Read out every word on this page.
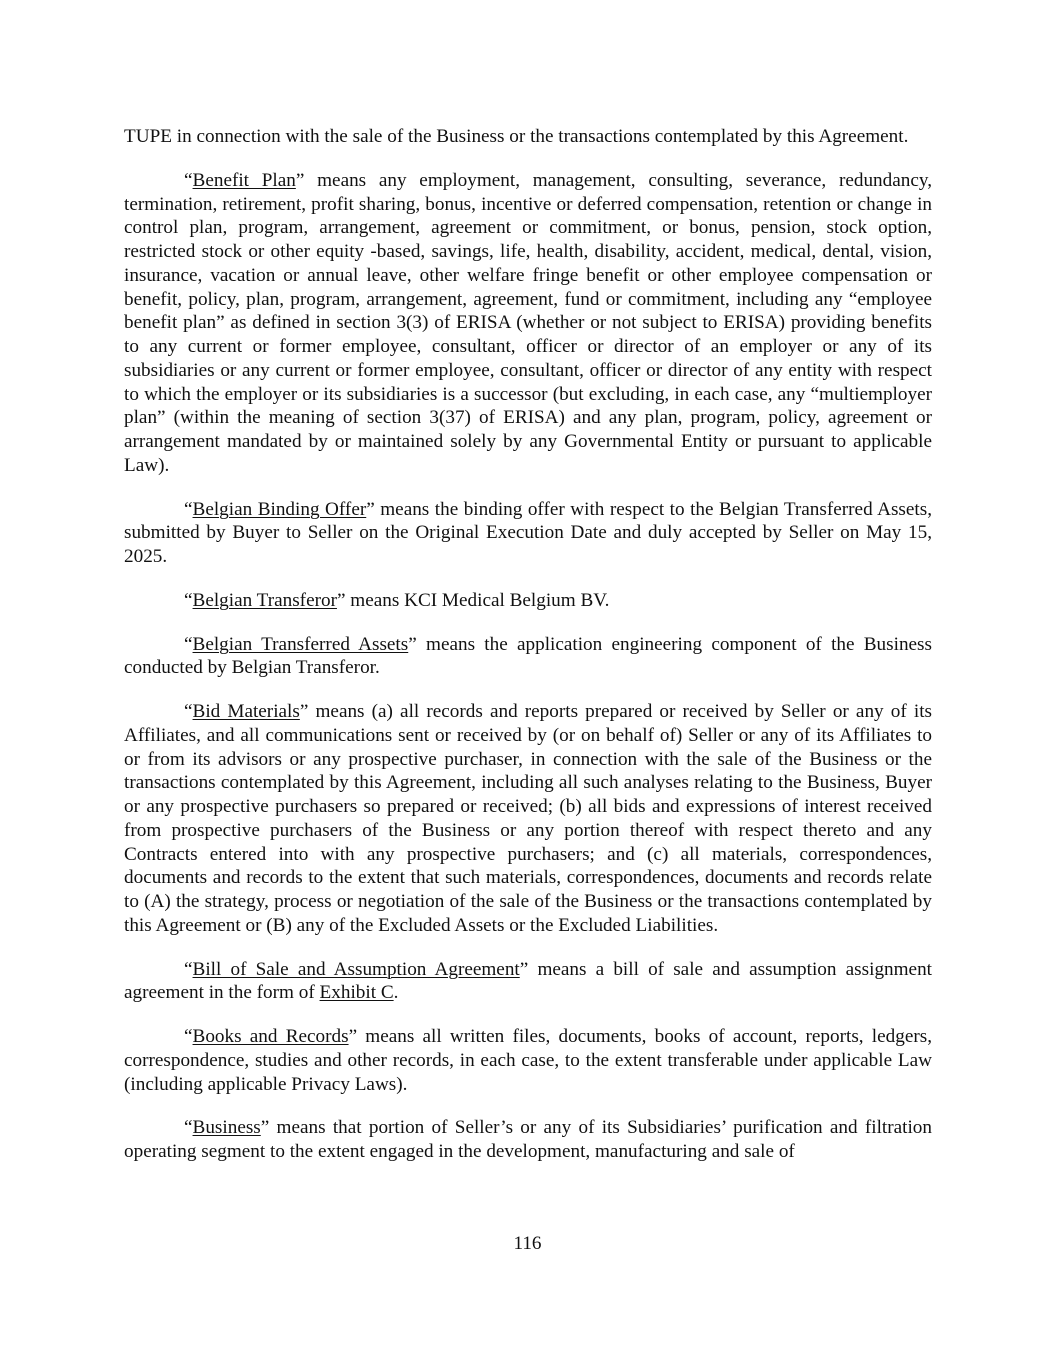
TUPE in connection with the sale of the Business or the transactions contemplated by this Agreement.

“Benefit Plan” means any employment, management, consulting, severance, redundancy, termination, retirement, profit sharing, bonus, incentive or deferred compensation, retention or change in control plan, program, arrangement, agreement or commitment, or bonus, pension, stock option, restricted stock or other equity -based, savings, life, health, disability, accident, medical, dental, vision, insurance, vacation or annual leave, other welfare fringe benefit or other employee compensation or benefit, policy, plan, program, arrangement, agreement, fund or commitment, including any “employee benefit plan” as defined in section 3(3) of ERISA (whether or not subject to ERISA) providing benefits to any current or former employee, consultant, officer or director of an employer or any of its subsidiaries or any current or former employee, consultant, officer or director of any entity with respect to which the employer or its subsidiaries is a successor (but excluding, in each case, any “multiemployer plan” (within the meaning of section 3(37) of ERISA) and any plan, program, policy, agreement or arrangement mandated by or maintained solely by any Governmental Entity or pursuant to applicable Law).

“Belgian Binding Offer” means the binding offer with respect to the Belgian Transferred Assets, submitted by Buyer to Seller on the Original Execution Date and duly accepted by Seller on May 15, 2025.

“Belgian Transferor” means KCI Medical Belgium BV.

“Belgian Transferred Assets” means the application engineering component of the Business conducted by Belgian Transferor.

“Bid Materials” means (a) all records and reports prepared or received by Seller or any of its Affiliates, and all communications sent or received by (or on behalf of) Seller or any of its Affiliates to or from its advisors or any prospective purchaser, in connection with the sale of the Business or the transactions contemplated by this Agreement, including all such analyses relating to the Business, Buyer or any prospective purchasers so prepared or received; (b) all bids and expressions of interest received from prospective purchasers of the Business or any portion thereof with respect thereto and any Contracts entered into with any prospective purchasers; and (c) all materials, correspondences, documents and records to the extent that such materials, correspondences, documents and records relate to (A) the strategy, process or negotiation of the sale of the Business or the transactions contemplated by this Agreement or (B) any of the Excluded Assets or the Excluded Liabilities.

“Bill of Sale and Assumption Agreement” means a bill of sale and assumption assignment agreement in the form of Exhibit C.

“Books and Records” means all written files, documents, books of account, reports, ledgers, correspondence, studies and other records, in each case, to the extent transferable under applicable Law (including applicable Privacy Laws).

“Business” means that portion of Seller’s or any of its Subsidiaries’ purification and filtration operating segment to the extent engaged in the development, manufacturing and sale of

116
